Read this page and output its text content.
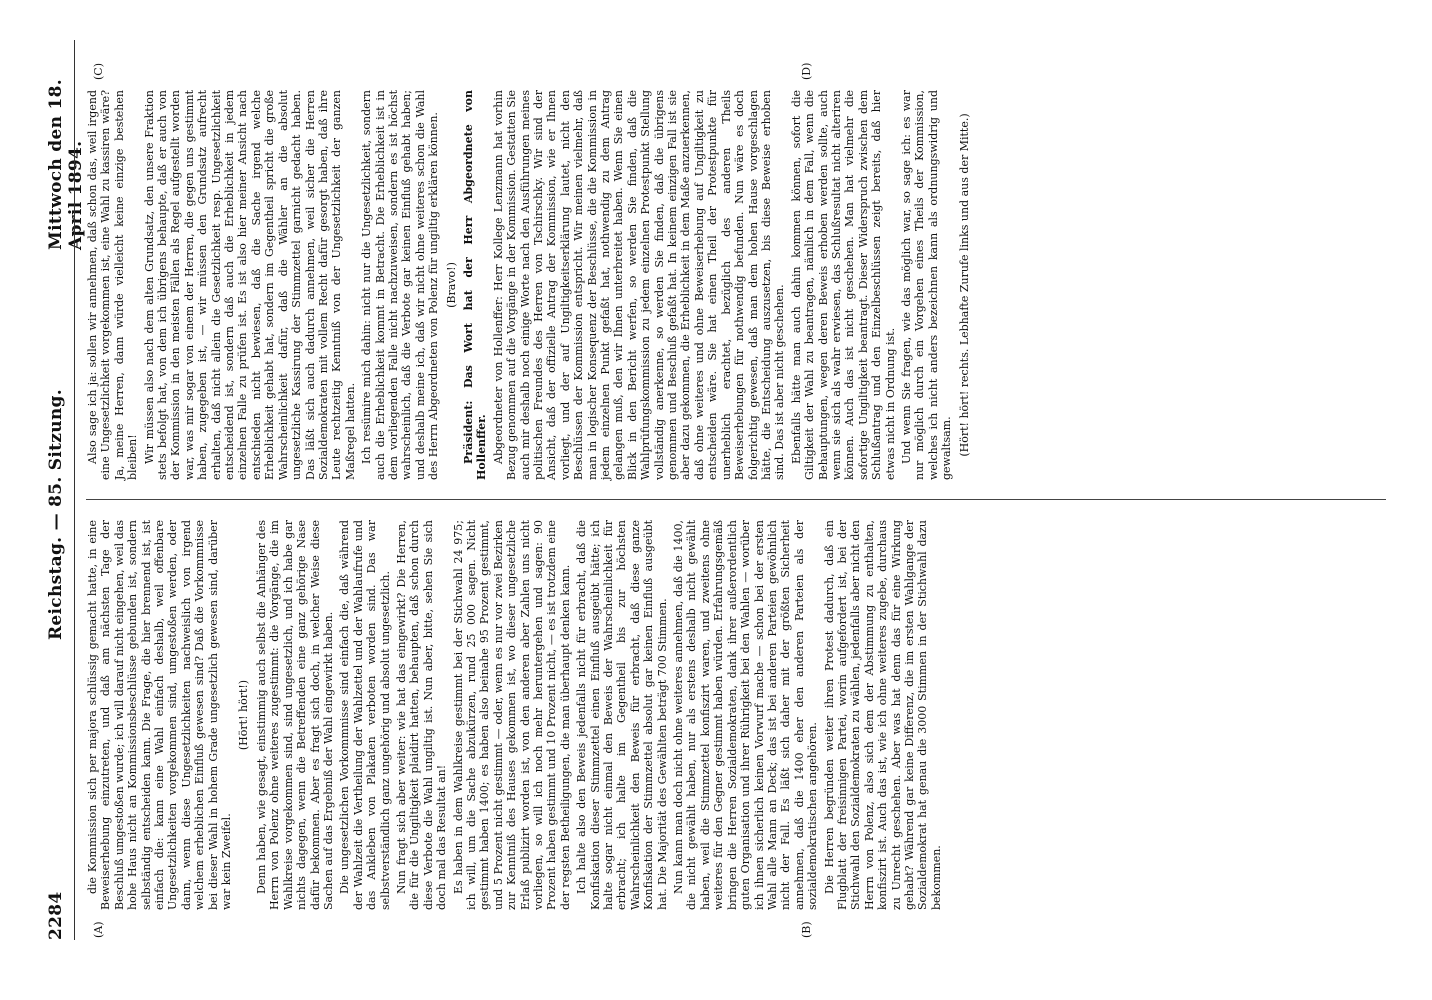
2284
Reichstag. — 85. Sitzung.
Mittwoch den 18. April 1894.
(A)	(B)
(C)	(D)

die Kommission sich per majora schlüssig gemacht hatte, in eine Beweiserhebung einzutreten, und daß am nächsten Tage der Beschluß umgestoßen wurde; ich will darauf nicht eingehen, weil das hohe Haus nicht an Kommissionsbeschlüsse gebunden ist, sondern selbständig entscheiden kann. Die Frage, die hier brennend ist, ist einfach die: kann eine Wahl einfach deshalb, weil offenbare Ungesetzlichkeiten vorgekommen sind, umgestoßen werden, oder dann, wenn diese Ungesetzlichkeiten nachweislich von irgend welchem erheblichen Einfluß gewesen sind? Daß die Vorkommnisse bei dieser Wahl in hohem Grade ungesetzlich gewesen sind, darüber war kein Zweifel.

(Hört! hört!) Denn haben, wie gesagt, einstimmig auch selbst die Anhänger des Herrn von Polenz ohne weiteres zugestimmt: die Vorgänge, die im Wahlkreise vorgekommen sind, sind ungesetzlich, und ich habe gar nichts dagegen, wenn die Betreffenden eine ganz gehörige Nase dafür bekommen. Aber es fragt sich doch, in welcher Weise diese Sachen auf das Ergebniß der Wahl eingewirkt haben. Die ungesetzlichen Vorkommnisse sind einfach die, daß während der Wahlzeit die Vertheilung der Wahlzettel und der Wahlaufrufe und das Ankleben von Plakaten verboten worden sind. Das war selbstverständlich ganz ungehörig und absolut ungesetzlich. Nun fragt sich aber weiter: wie hat das eingewirkt? Die Herren, die für die Ungiltigkeit plaidirt hatten, behaupten, daß schon durch diese Verbote die Wahl ungiltig ist. Nun aber, bitte, sehen Sie sich doch mal das Resultat an! Es haben in dem Wahlkreise gestimmt bei der Stichwahl 24 975; ich will, um die Sache abzukürzen, rund 25 000 sagen. Nicht gestimmt haben 1400; es haben also beinahe 95 Prozent gestimmt, und 5 Prozent nicht gestimmt — oder, wenn es nur vor zwei Bezirken zur Kenntniß des Hauses gekommen ist, wo dieser ungesetzliche Erlaß publizirt worden ist, von den anderen aber Zahlen uns nicht vorliegen, so will ich noch mehr heruntergehen und sagen: 90 Prozent haben gestimmt und 10 Prozent nicht, — es ist trotzdem eine der regsten Betheiligungen, die man überhaupt denken kann. Ich halte also den Beweis jedenfalls nicht für erbracht, daß die Konfiskation dieser Stimmzettel einen Einfluß ausgeübt hätte; ich halte sogar nicht einmal den Beweis der Wahrscheinlichkeit für erbracht; ich halte im Gegentheil bis zur höchsten Wahrscheinlichkeit den Beweis für erbracht, daß diese ganze Konfiskation der Stimmzettel absolut gar keinen Einfluß ausgeübt hat. Die Majorität des Gewählten beträgt 700 Stimmen. Nun kann man doch nicht ohne weiteres annehmen, daß die 1400, die nicht gewählt haben, nur als erstens deshalb nicht gewählt haben, weil die Stimmzettel konfiszirt waren, und zweitens ohne weiteres für den Gegner gestimmt haben würden. Erfahrungsgemäß bringen die Herren Sozialdemokraten, dank ihrer außerordentlich guten Organisation und ihrer Rührigkeit bei den Wahlen — worüber ich ihnen sicherlich keinen Vorwurf mache — schon bei der ersten Wahl alle Mann an Deck; das ist bei anderen Parteien gewöhnlich nicht der Fall. Es läßt sich daher mit der größten Sicherheit annehmen, daß die 1400 eher den anderen Parteien als der sozialdemokratischen angehören. Die Herren begründen weiter ihren Protest dadurch, daß ein Flugblatt der freisinnigen Partei, worin aufgefordert ist, bei der Stichwahl den Sozialdemokraten zu wählen, jedenfalls aber nicht den Herrn von Polenz, also sich dem der Abstimmung zu enthalten, konfiszirt ist. Auch das ist, wie ich ohne weiteres zugebe, durchaus zu Unrecht geschehen. Aber was hat denn das für eine Wirkung gehabt? Während gar keine Differenz, die im ersten Wahlgange der Sozialdemokrat hat genau die 3000 Stimmen in der Stichwahl dazu bekommen.

Also sage ich ja: sollen wir annehmen, daß schon das, weil irgend eine Ungesetzlichkeit vorgekommen ist, eine Wahl zu kassiren wäre? Ja, meine Herren, dann würde vielleicht keine einzige bestehen bleiben! Wir müssen also nach dem alten Grundsatz, den unsere Fraktion stets befolgt hat, von dem ich übrigens behaupte, daß er auch von der Kommission in den meisten Fällen als Regel aufgestellt worden war, was mir sogar von einem der Herren, die gegen uns gestimmt haben, zugegeben ist, — wir müssen den Grundsatz aufrecht erhalten, daß nicht allein die Gesetzlichkeit resp. Ungesetzlichkeit entscheidend ist, sondern daß auch die Erheblichkeit in jedem einzelnen Falle zu prüfen ist. Es ist also hier meiner Ansicht nach entschieden nicht bewiesen, daß die Sache irgend welche Erheblichkeit gehabt hat, sondern im Gegentheil spricht die große Wahrscheinlichkeit dafür, daß die Wähler an die absolut ungesetzliche Kassirung der Stimmzettel garnicht gedacht haben. Das läßt sich auch dadurch annehmen, weil sicher die Herren Sozialdemokraten mit vollem Recht dafür gesorgt haben, daß ihre Leute rechtzeitig Kenntniß von der Ungesetzlichkeit der ganzen Maßregel hatten. Ich resümire mich dahin: nicht nur die Ungesetzlichkeit, sondern auch die Erheblichkeit kommt in Betracht. Die Erheblichkeit ist in dem vorliegenden Falle nicht nachzuweisen, sondern es ist höchst wahrscheinlich, daß die Verbote gar keinen Einfluß gehabt haben; und deshalb meine ich, daß wir nicht ohne weiteres schon die Wahl des Herrn Abgeordneten von Polenz für ungiltig erklären können. (Bravo!) Präsident: Das Wort hat der Herr Abgeordnete von Hollenffer. Abgeordneter von Hollenffer: Herr Kollege Lenzmann hat vorhin Bezug genommen auf die Vorgänge in der Kommission. Gestatten Sie auch mir deshalb noch einige Worte nach den Ausführungen meines politischen Freundes des Herren von Tschirschky. Wir sind der Ansicht, daß der offizielle Antrag der Kommission, wie er Ihnen vorliegt, und der auf Ungiltigkeitserklärung lautet, nicht den Beschlüssen der Kommission entspricht. Wir meinen vielmehr, daß man in logischer Konsequenz der Beschlüsse, die die Kommission in jedem einzelnen Punkt gefaßt hat, nothwendig zu dem Antrag gelangen muß, den wir Ihnen unterbreitet haben. Wenn Sie einen Blick in den Bericht werfen, so werden Sie finden, daß die Wahlprüfungskommission zu jedem einzelnen Protestpunkt Stellung vollständig anerkenne, so werden Sie finden, daß die übrigens genommen und Beschluß gefaßt hat. In keinem einzigen Fall ist sie aber dazu gekommen, die Erheblichkeit in dem Maße anzuerkennen, daß ohne weiteres und ohne Beweiserhebung auf Ungiltigkeit zu entscheiden wäre. Sie hat einen Theil der Protestpunkte für unerheblich erachtet, bezüglich des anderen Theils Beweiserhebungen für nothwendig befunden. Nun wäre es doch folgerichtig gewesen, daß man dem hohen Hause vorgeschlagen hätte, die Entscheidung auszusetzen, bis diese Beweise erhoben sind. Das ist aber nicht geschehen. Ebenfalls hätte man auch dahin kommen können, sofort die Giltigkeit der Wahl zu beantragen, nämlich in dem Fall, wenn die Behauptungen, wegen deren Beweis erhoben werden sollte, auch wenn sie sich als wahr erwiesen, das Schlußresultat nicht alteriren können. Auch das ist nicht geschehen. Man hat vielmehr die sofortige Ungiltigkeit beantragt. Dieser Widerspruch zwischen dem Schlußantrag und den Einzelbeschlüssen zeigt bereits, daß hier etwas nicht in Ordnung ist. Und wenn Sie fragen, wie das möglich war, so sage ich: es war nur möglich durch ein Vorgehen eines Theils der Kommission, welches ich nicht anders bezeichnen kann als ordnungswidrig und gewaltsam. (Hört! hört! rechts. Lebhafte Zurufe links und aus der Mitte.)
